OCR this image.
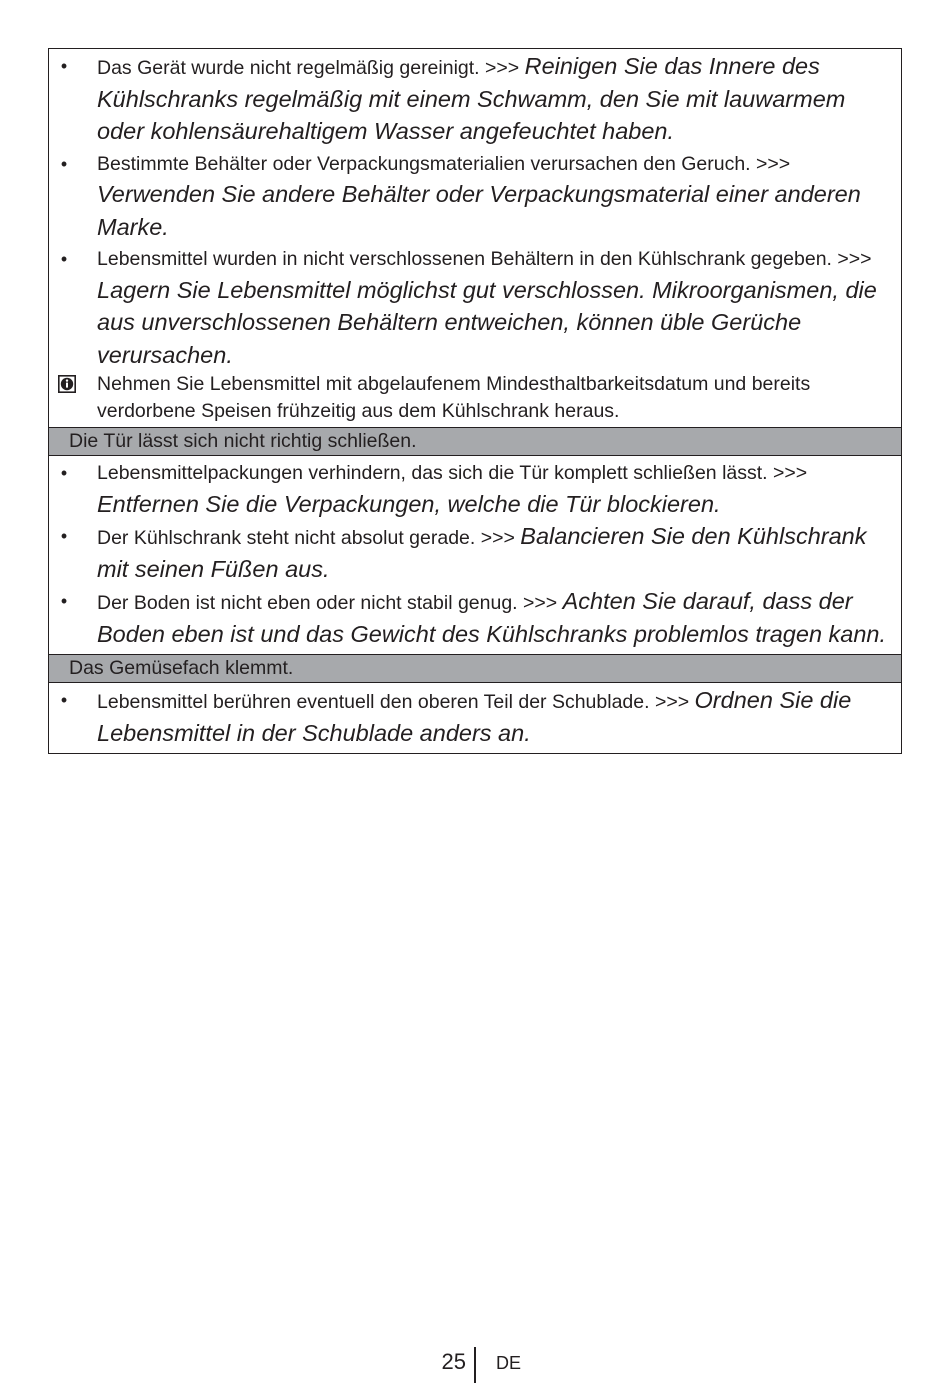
• Das Gerät wurde nicht regelmäßig gereinigt. >>> Reinigen Sie das Innere des Kühlschranks regelmäßig mit einem Schwamm, den Sie mit lauwarmem oder kohlensäurehaltigem Wasser angefeuchtet haben.
• Bestimmte Behälter oder Verpackungsmaterialien verursachen den Geruch. >>> Verwenden Sie andere Behälter oder Verpackungsmaterial einer anderen Marke.
• Lebensmittel wurden in nicht verschlossenen Behältern in den Kühlschrank gegeben. >>> Lagern Sie Lebensmittel möglichst gut verschlossen. Mikroorganismen, die aus unverschlossenen Behältern entweichen, können üble Gerüche verursachen.
Nehmen Sie Lebensmittel mit abgelaufenem Mindesthaltbarkeitsdatum und bereits verdorbene Speisen frühzeitig aus dem Kühlschrank heraus.
Die Tür lässt sich nicht richtig schließen.
• Lebensmittelpackungen verhindern, das sich die Tür komplett schließen lässt. >>> Entfernen Sie die Verpackungen, welche die Tür blockieren.
• Der Kühlschrank steht nicht absolut gerade. >>> Balancieren Sie den Kühlschrank mit seinen Füßen aus.
• Der Boden ist nicht eben oder nicht stabil genug. >>> Achten Sie darauf, dass der Boden eben ist und das Gewicht des Kühlschranks problemlos tragen kann.
Das Gemüsefach klemmt.
• Lebensmittel berühren eventuell den oberen Teil der Schublade. >>> Ordnen Sie die Lebensmittel in der Schublade anders an.
25 DE
